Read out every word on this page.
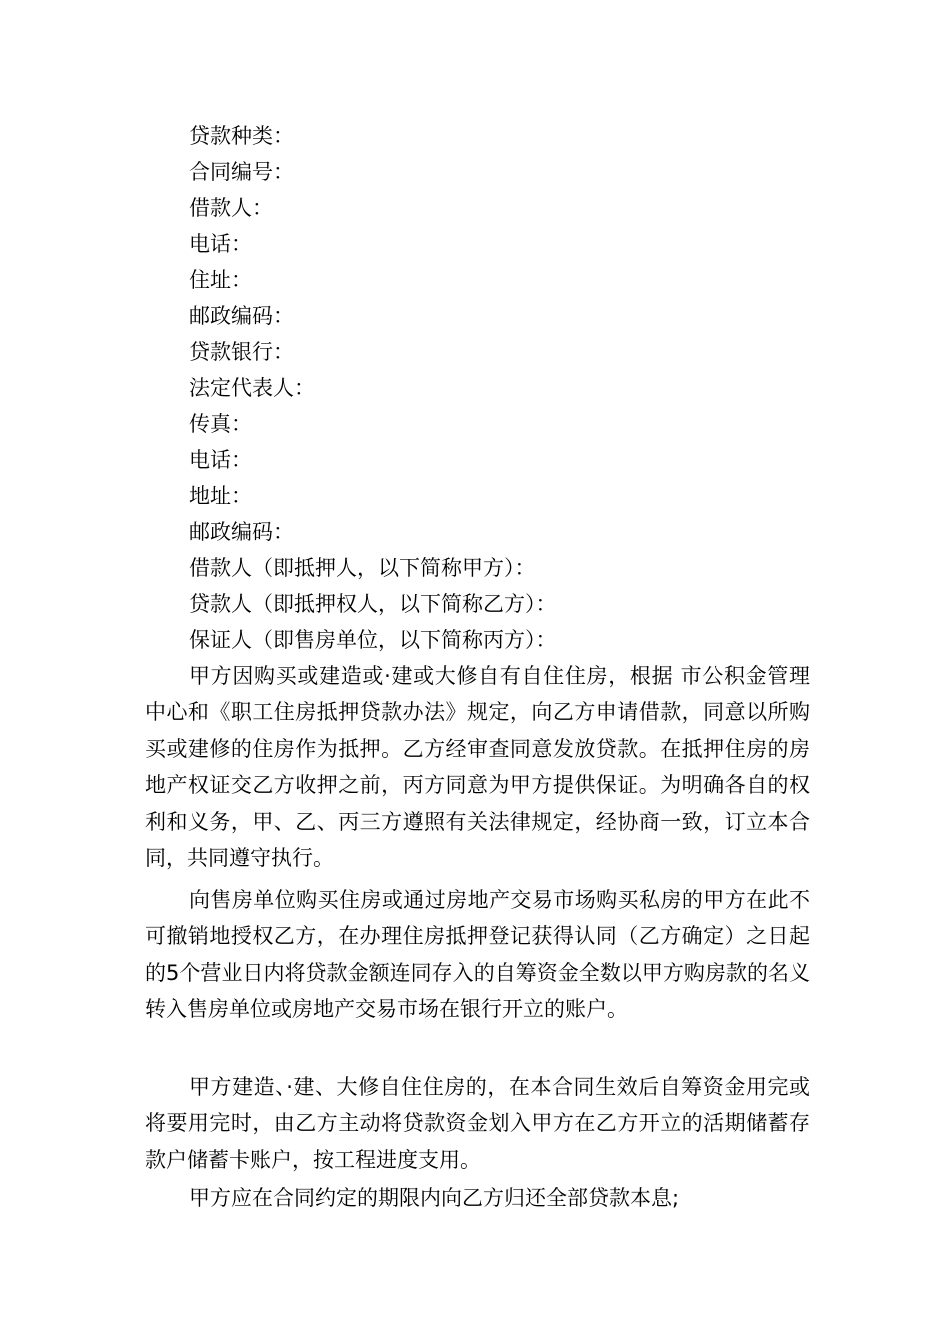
贷款种类：
合同编号：
借款人：
电话：
住址：
邮政编码：
贷款银行：
法定代表人：
传真：
电话：
地址：
邮政编码：
借款人（即抵押人，以下简称甲方）：
贷款人（即抵押权人，以下简称乙方）：
保证人（即售房单位，以下简称丙方）：

甲方因购买或建造或·建或大修自有自住住房，根据 市公积金管理中心和《职工住房抵押贷款办法》规定，向乙方申请借款，同意以所购买或建修的住房作为抵押。乙方经审查同意发放贷款。在抵押住房的房地产权证交乙方收押之前，丙方同意为甲方提供保证。为明确各自的权利和义务，甲、乙、丙三方遵照有关法律规定，经协商一致，订立本合同，共同遵守执行。

向售房单位购买住房或通过房地产交易市场购买私房的甲方在此不可撤销地授权乙方，在办理住房抵押登记获得认同（乙方确定）之日起的5个营业日内将贷款金额连同存入的自筹资金全数以甲方购房款的名义转入售房单位或房地产交易市场在银行开立的账户。

甲方建造、·建、大修自住住房的，在本合同生效后自筹资金用完或将要用完时，由乙方主动将贷款资金划入甲方在乙方开立的活期储蓄存款户储蓄卡账户，按工程进度支用。

甲方应在合同约定的期限内向乙方归还全部贷款本息;
